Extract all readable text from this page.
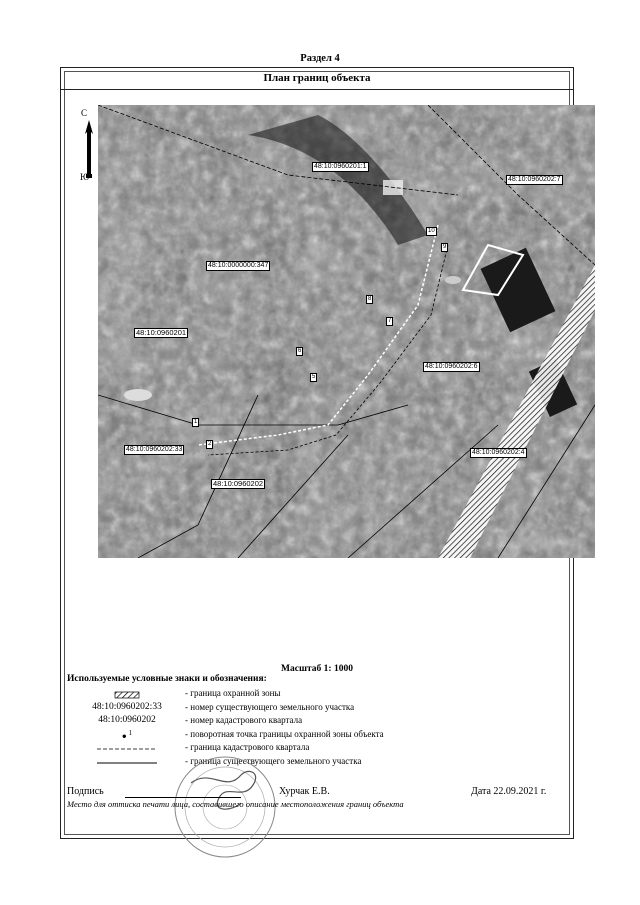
Раздел 4
План границ объекта
С
Ю
48:10:0960201:1
48:10:0960202:7
48:10:0000000:347
48:10:0960201
48:10:0960202:6
48:10:0960202:33	48:10:0960202:4
48:10:0960202
10
9
8
7
6
5
1
2
Масштаб 1: 1000
Используемые условные знаки и обозначения:
- граница охранной зоны
48:10:0960202:33	- номер существующего земельного участка
48:10:0960202	- номер кадастрового квартала
● 1	- поворотная точка границы охранной зоны объекта
- граница кадастрового квартала
- граница существующего земельного участка
Подпись	Хурчак Е.В.	Дата 22.09.2021 г.
Место для оттиска печати лица, составившего описание местоположения границ объекта
